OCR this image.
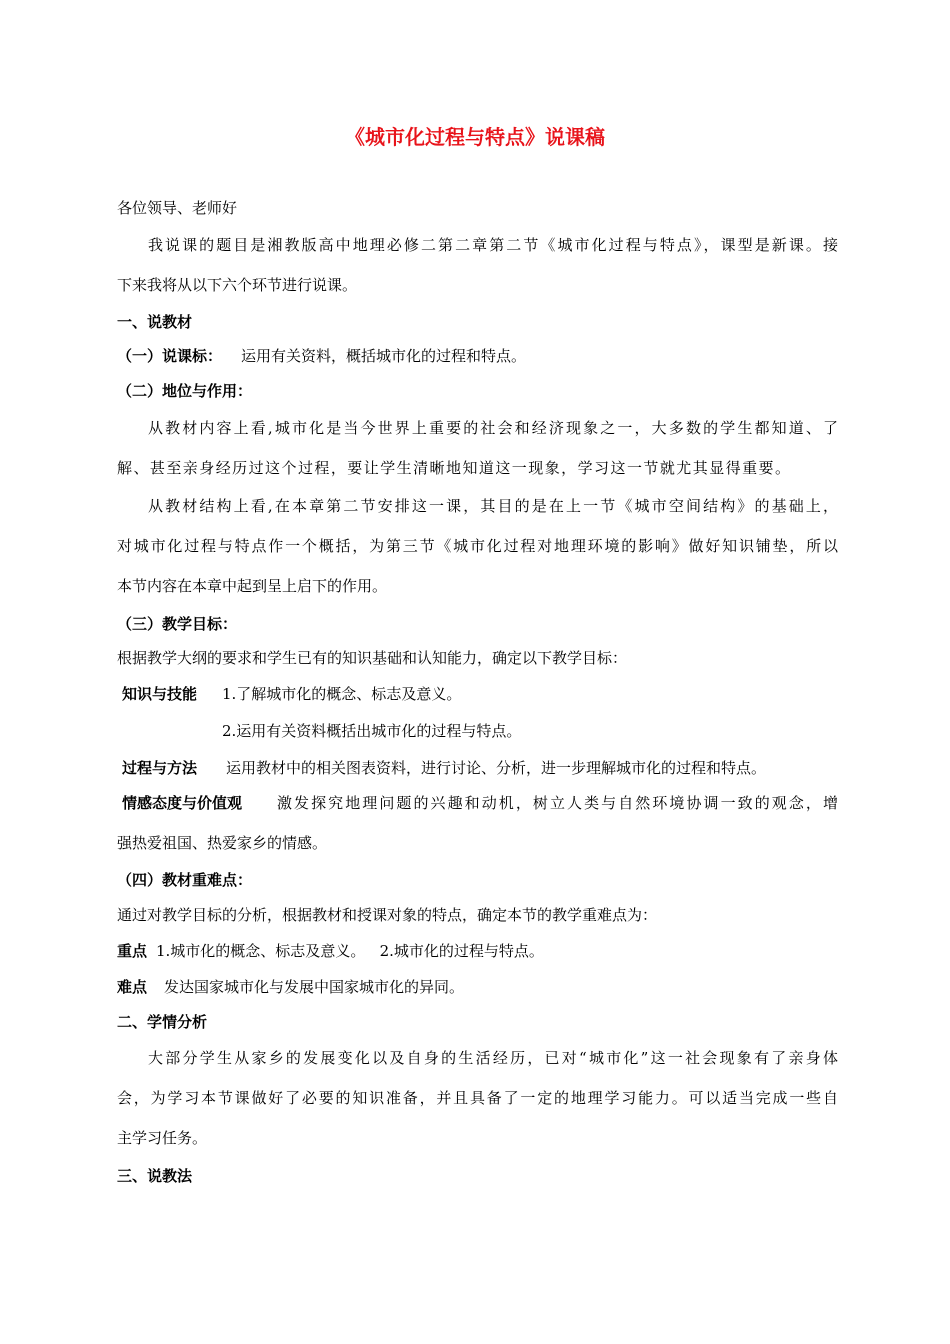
《城市化过程与特点》说课稿
各位领导、老师好
我说课的题目是湘教版高中地理必修二第二章第二节《城市化过程与特点》，课型是新课。接
下来我将从以下六个环节进行说课。
一、说教材
（一）说课标： 运用有关资料，概括城市化的过程和特点。
（二）地位与作用：
从教材内容上看,城市化是当今世界上重要的社会和经济现象之一，大多数的学生都知道、了
解、甚至亲身经历过这个过程，要让学生清晰地知道这一现象，学习这一节就尤其显得重要。
从教材结构上看,在本章第二节安排这一课，其目的是在上一节《城市空间结构》的基础上，
对城市化过程与特点作一个概括，为第三节《城市化过程对地理环境的影响》做好知识铺垫，所以
本节内容在本章中起到呈上启下的作用。
（三）教学目标：
根据教学大纲的要求和学生已有的知识基础和认知能力，确定以下教学目标：
知识与技能 1.了解城市化的概念、标志及意义。
2.运用有关资料概括出城市化的过程与特点。
过程与方法 运用教材中的相关图表资料，进行讨论、分析，进一步理解城市化的过程和特点。
情感态度与价值观 激发探究地理问题的兴趣和动机，树立人类与自然环境协调一致的观念，增
强热爱祖国、热爱家乡的情感。
（四）教材重难点：
通过对教学目标的分析，根据教材和授课对象的特点，确定本节的教学重难点为：
重点 1.城市化的概念、标志及意义。   2.城市化的过程与特点。
难点 发达国家城市化与发展中国家城市化的异同。
二、学情分析
大部分学生从家乡的发展变化以及自身的生活经历，已对“城市化”这一社会现象有了亲身体
会，为学习本节课做好了必要的知识准备，并且具备了一定的地理学习能力。可以适当完成一些自
主学习任务。
三、说教法
